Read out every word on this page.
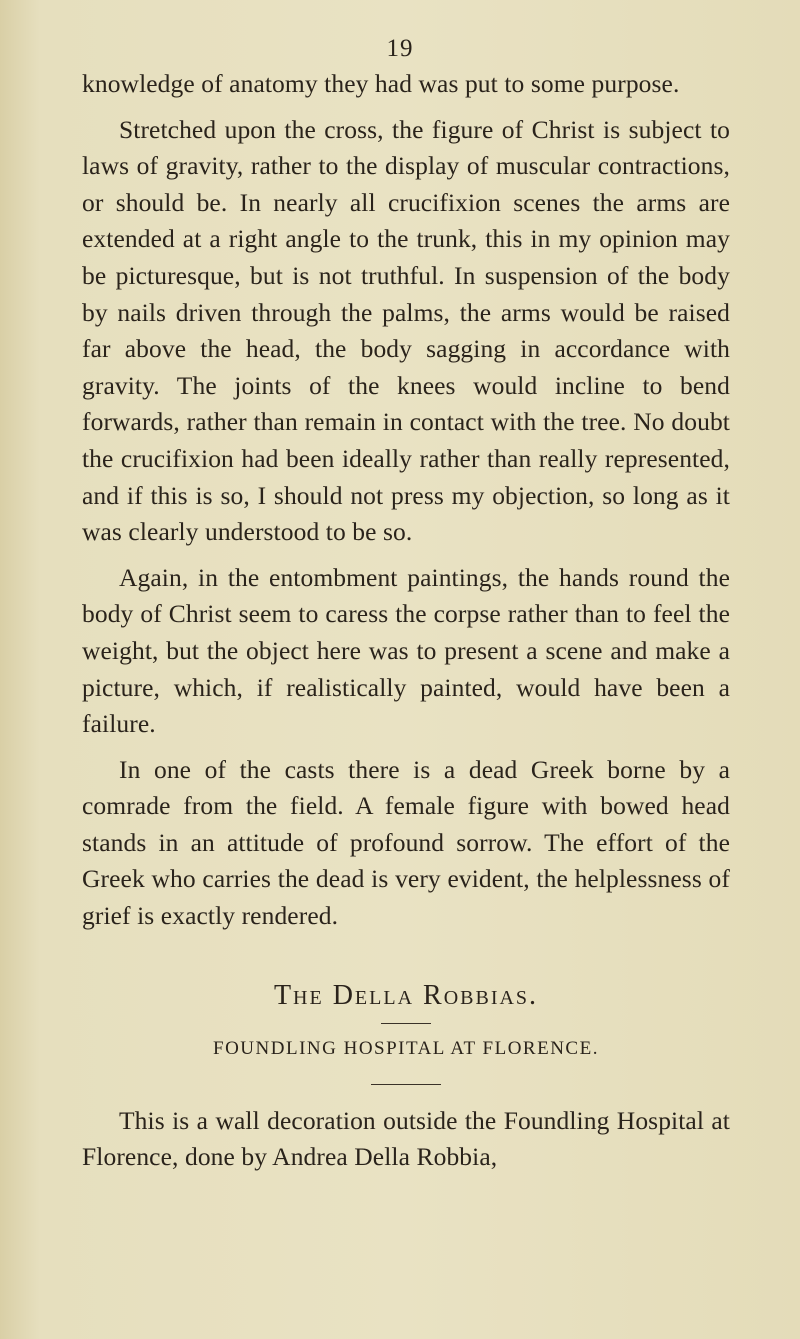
19

knowledge of anatomy they had was put to some purpose.

Stretched upon the cross, the figure of Christ is subject to laws of gravity, rather to the display of muscular contractions, or should be. In nearly all crucifixion scenes the arms are extended at a right angle to the trunk, this in my opinion may be picturesque, but is not truthful. In suspension of the body by nails driven through the palms, the arms would be raised far above the head, the body sagging in accordance with gravity. The joints of the knees would incline to bend forwards, rather than remain in contact with the tree. No doubt the crucifixion had been ideally rather than really represented, and if this is so, I should not press my objection, so long as it was clearly understood to be so.

Again, in the entombment paintings, the hands round the body of Christ seem to caress the corpse rather than to feel the weight, but the object here was to present a scene and make a picture, which, if realistically painted, would have been a failure.

In one of the casts there is a dead Greek borne by a comrade from the field. A female figure with bowed head stands in an attitude of profound sorrow. The effort of the Greek who carries the dead is very evident, the helplessness of grief is exactly rendered.

The Della Robbias.
FOUNDLING HOSPITAL AT FLORENCE.

This is a wall decoration outside the Foundling Hospital at Florence, done by Andrea Della Robbia,
